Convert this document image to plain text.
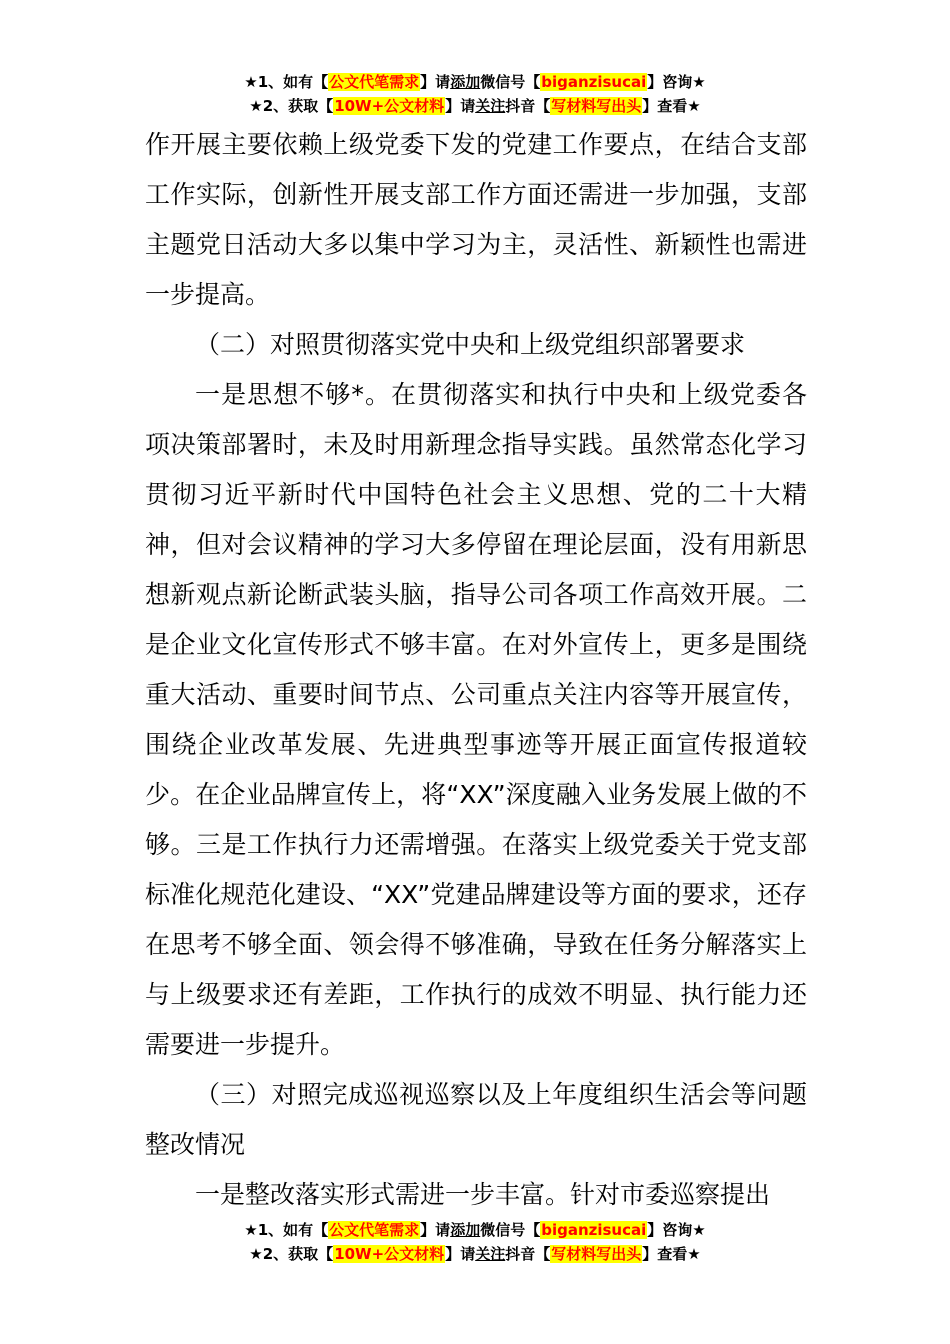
★1、如有【公文代笔需求】请添加微信号【biganzisucai】咨询★
★2、获取【10W+公文材料】请关注抖音【写材料写出头】查看★

作开展主要依赖上级党委下发的党建工作要点，在结合支部工作实际，创新性开展支部工作方面还需进一步加强，支部主题党日活动大多以集中学习为主，灵活性、新颖性也需进一步提高。

（二）对照贯彻落实党中央和上级党组织部署要求

一是思想不够*。在贯彻落实和执行中央和上级党委各项决策部署时，未及时用新理念指导实践。虽然常态化学习贯彻习近平新时代中国特色社会主义思想、党的二十大精神，但对会议精神的学习大多停留在理论层面，没有用新思想新观点新论断武装头脑，指导公司各项工作高效开展。二是企业文化宣传形式不够丰富。在对外宣传上，更多是围绕重大活动、重要时间节点、公司重点关注内容等开展宣传，围绕企业改革发展、先进典型事迹等开展正面宣传报道较少。在企业品牌宣传上，将“XX”深度融入业务发展上做的不够。三是工作执行力还需增强。在落实上级党委关于党支部标准化规范化建设、“XX”党建品牌建设等方面的要求，还存在思考不够全面、领会得不够准确，导致在任务分解落实上与上级要求还有差距，工作执行的成效不明显、执行能力还需要进一步提升。

（三）对照完成巡视巡察以及上年度组织生活会等问题整改情况

一是整改落实形式需进一步丰富。针对市委巡察提出

★1、如有【公文代笔需求】请添加微信号【biganzisucai】咨询★
★2、获取【10W+公文材料】请关注抖音【写材料写出头】查看★
